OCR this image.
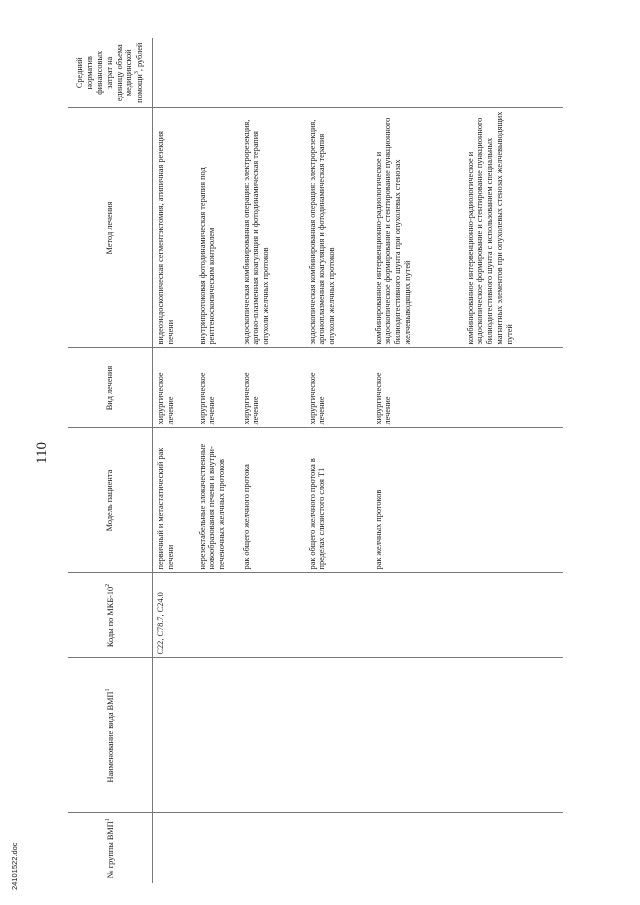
110
24101522.doc	№ группы ВМП$^1$	Наименование вида ВМП$^1$	Коды по МКБ-$10^2$	Модель пациента	Вид лечения	Метод лечения	Средний норматив финансовых затрат на единицу объема медицинской помощи$^3$, рублей
		C22, C78.7, C24.0	первичный и метастатический рак печени	хирургическое лечение	видеоэндоскопическая сегментэктомия, атипичная резекция печени	
			нерезектабельные злокачественные новообразования печени и внутри-печеночных желчных протоков	хирургическое лечение	внутрипротоковая фотодинамическая терапия под рентгеноскопическим контролем	
			рак общего желчного протока	хирургическое лечение	эндоскопическая комбинированная операция: электрорезекция, аргоно-плазменная коагуляция и фотодинамическая терапия опухоли желчных протоков	
			рак общего желчного протока в пределах слизистого слоя T1	хирургическое лечение	эндоскопическая комбинированная операция: электрорезекция, аргоноплазменная коагуляция и фотодинамическая терапия опухоли желчных протоков	
			рак желчных протоков	хирургическое лечение	комбинированное интервенционно-радиологическое и эндоскопическое формирование и стентирование пункционного билиодигестивного шунта при опухолевых стенозах желчевыводящих путей	
					комбинированное интервенционно-радиологическое и эндоскопическое формирование и стентирование пункционного билиодигестивного шунта с использованием специальных магнитных элементов при опухолевых стенозах желчевыводящих путей	
